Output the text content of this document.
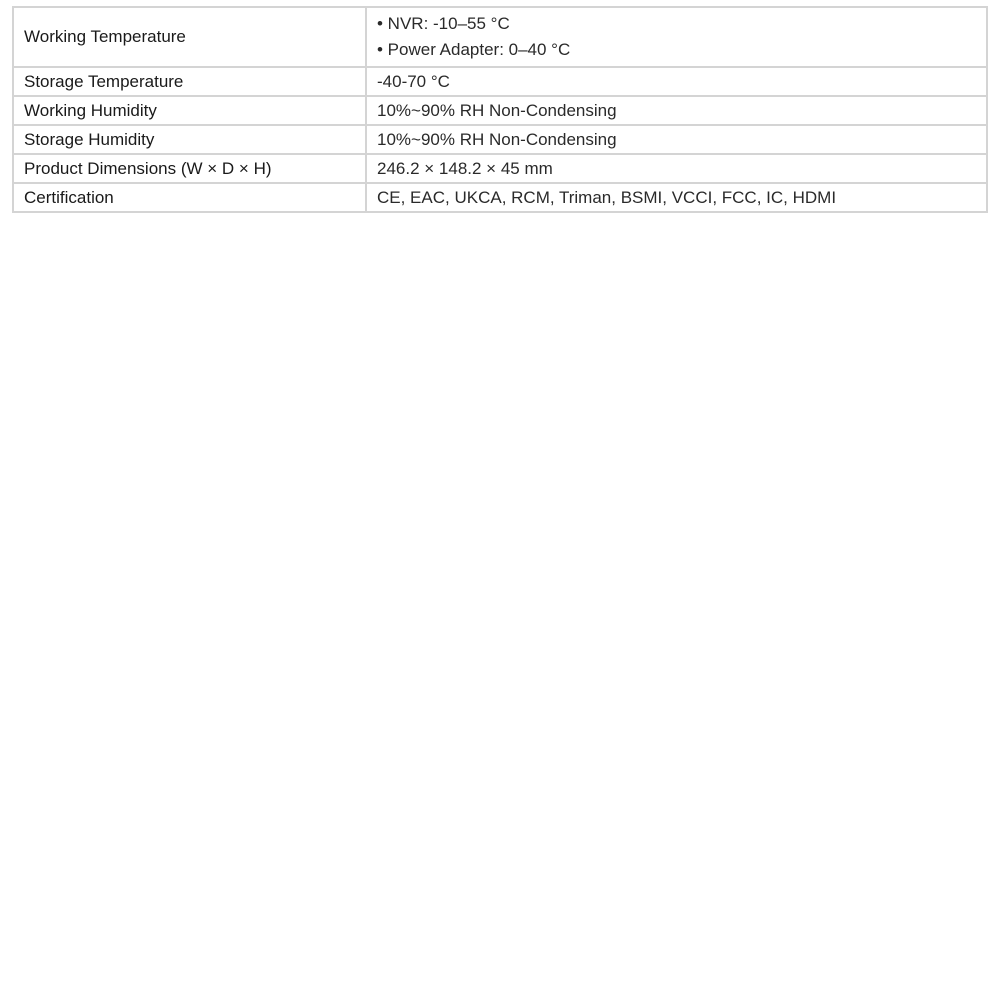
Working Temperature	• NVR: -10–55 °C
• Power Adapter: 0–40 °C

Storage Temperature	-40-70 °C
Working Humidity	10%~90% RH Non-Condensing
Storage Humidity	10%~90% RH Non-Condensing
Product Dimensions (W × D × H)	246.2 × 148.2 × 45 mm
Certification	CE, EAC, UKCA, RCM, Triman, BSMI, VCCI, FCC, IC, HDMI
